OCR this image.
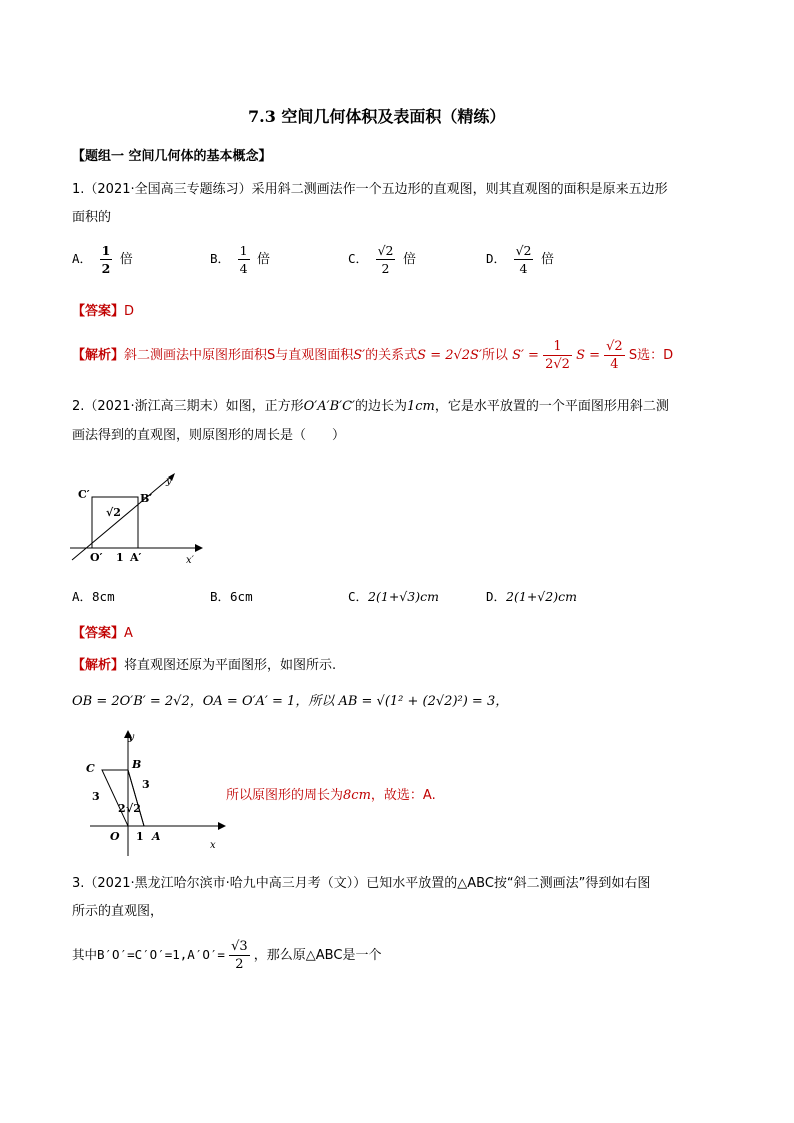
7.3 空间几何体积及表面积（精练）
【题组一 空间几何体的基本概念】
1.（2021·全国高三专题练习）采用斜二测画法作一个五边形的直观图，则其直观图的面积是原来五边形
面积的
A． $\frac{1}{2}$ 倍	B． $\frac{1}{4}$ 倍	C． $\frac{√2}{2}$ 倍	D． $\frac{√2}{4}$ 倍
【答案】D
【解析】斜二测画法中原图形面积S与直观图面积S′的关系式S = 2√2S′所以 $S' = \frac{1}{2√2}$ $S = \frac{√2}{4}$ S选：D
2.（2021·浙江高三期末）如图，正方形O′A′B′C′的边长为1cm，它是水平放置的一个平面图形用斜二测
画法得到的直观图，则原图形的周长是（　　）
C′	B′
O′ 1 A′
√2
y′
x′
A．8cm	B．6cm	C．2(1+√3)cm	D．2(1+√2)cm
【答案】A
【解析】将直观图还原为平面图形，如图所示.
OB = 2O′B′ = 2√2，OA = O′A′ = 1，所以 AB = √(1² + (2√2)²) = 3，
C	B
O 1 A
3
3
2 √2
y
x
所以原图形的周长为8cm，故选：A.
3.（2021·黑龙江哈尔滨市·哈九中高三月考（文））已知水平放置的△ABC按“斜二测画法”得到如右图
所示的直观图，
其中$B'O'=C'O'=1,A'O'= \frac{√3}{2}$ ，那么原△ABC是一个
